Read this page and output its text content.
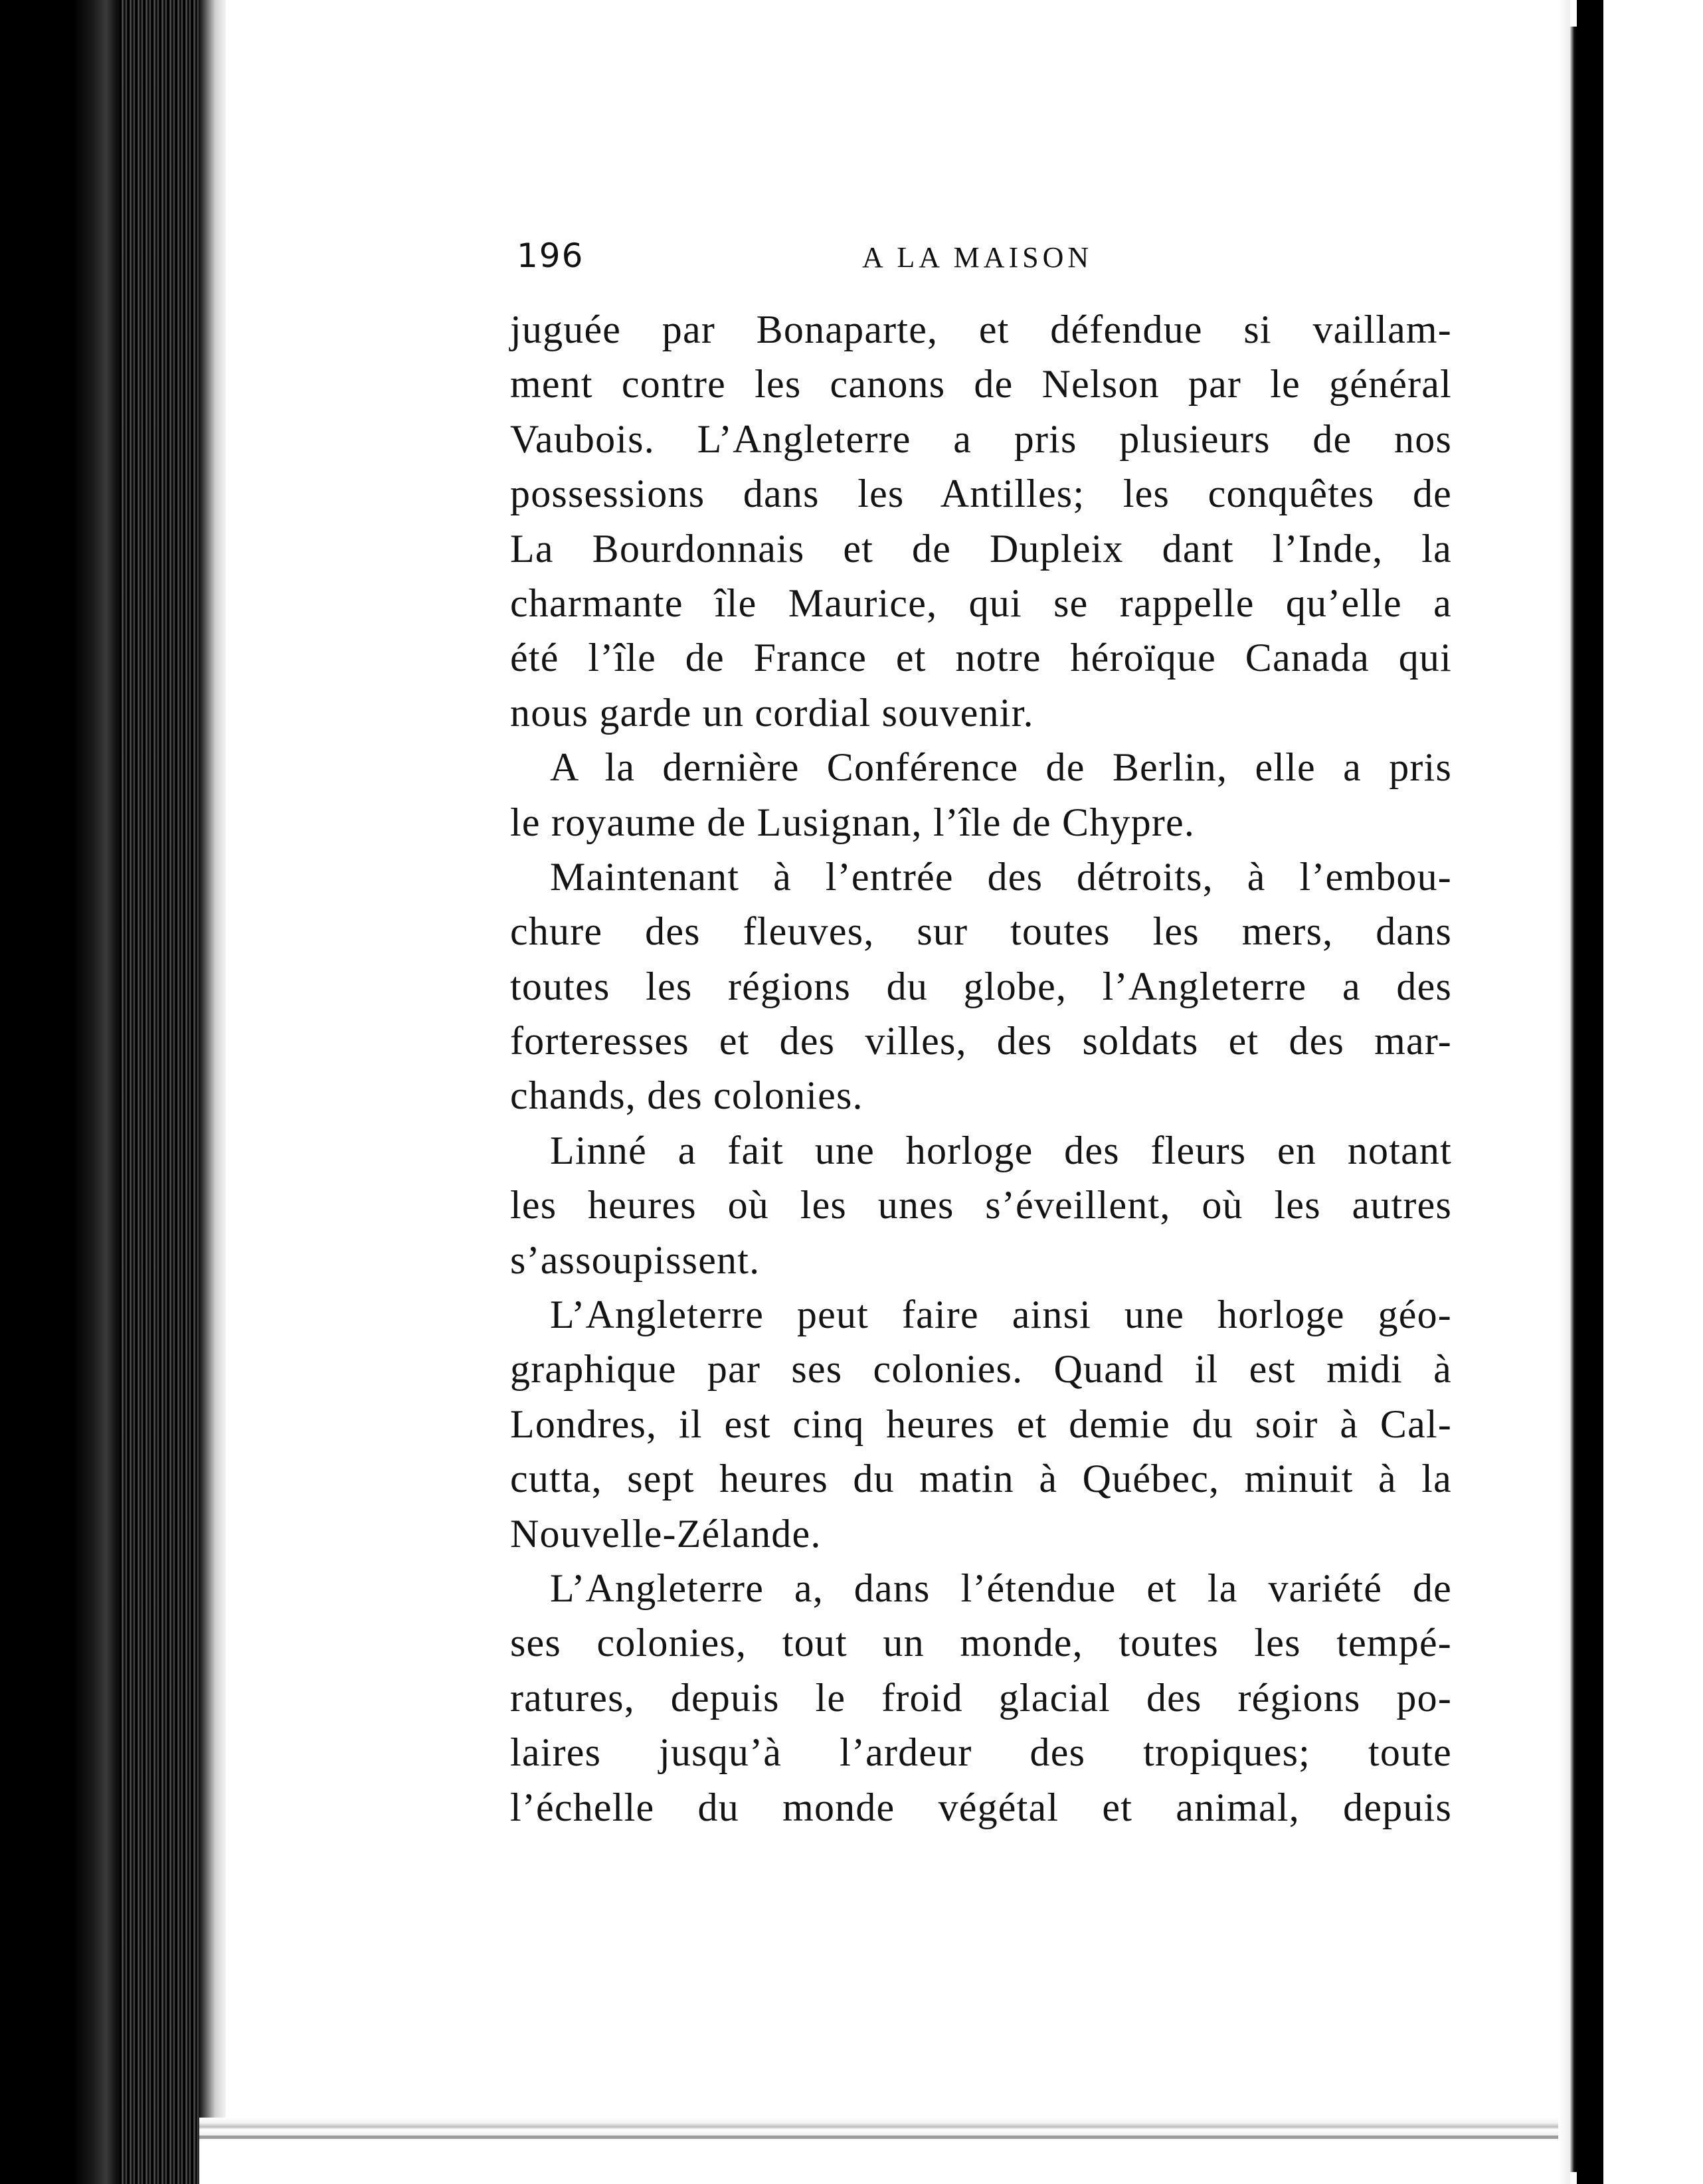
196	A LA MAISON
juguée par Bonaparte, et défendue si vaillam-
ment contre les canons de Nelson par le général
Vaubois. L’Angleterre a pris plusieurs de nos
possessions dans les Antilles; les conquêtes de
La Bourdonnais et de Dupleix dant l’Inde, la
charmante île Maurice, qui se rappelle qu’elle a
été l’île de France et notre héroïque Canada qui
nous garde un cordial souvenir.
A la dernière Conférence de Berlin, elle a pris
le royaume de Lusignan, l’île de Chypre.
Maintenant à l’entrée des détroits, à l’embou-
chure des fleuves, sur toutes les mers, dans
toutes les régions du globe, l’Angleterre a des
forteresses et des villes, des soldats et des mar-
chands, des colonies.
Linné a fait une horloge des fleurs en notant
les heures où les unes s’éveillent, où les autres
s’assoupissent.
L’Angleterre peut faire ainsi une horloge géo-
graphique par ses colonies. Quand il est midi à
Londres, il est cinq heures et demie du soir à Cal-
cutta, sept heures du matin à Québec, minuit à la
Nouvelle-Zélande.
L’Angleterre a, dans l’étendue et la variété de
ses colonies, tout un monde, toutes les tempé-
ratures, depuis le froid glacial des régions po-
laires jusqu’à l’ardeur des tropiques; toute
l’échelle du monde végétal et animal, depuis
